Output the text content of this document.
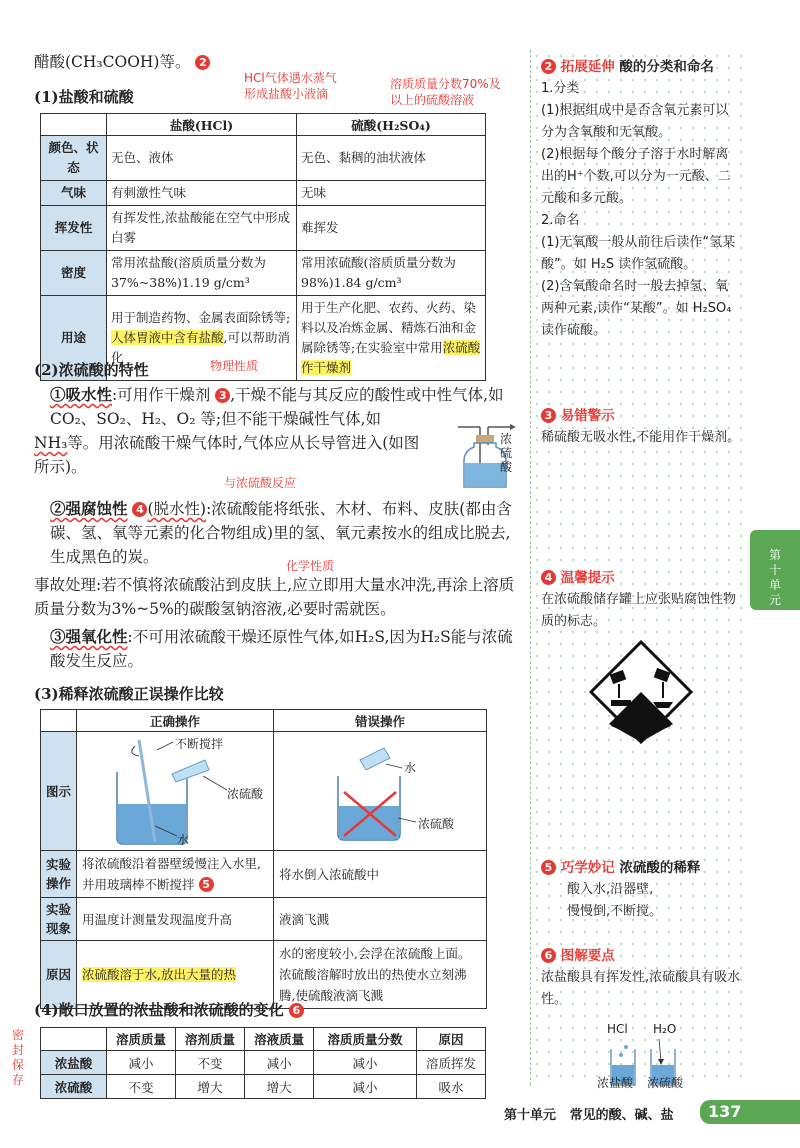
醋酸(CH₃COOH)等。 2
HCl气体遇水蒸气
形成盐酸小液滴
溶质质量分数70%及
以上的硫酸溶液
(1)盐酸和硫酸
	盐酸(HCl)	硫酸(H₂SO₄)
颜色、状态	无色、液体	无色、黏稠的油状液体
气味	有刺激性气味	无味
挥发性	有挥发性,浓盐酸能在空气中形成白雾	难挥发
密度	常用浓盐酸(溶质质量分数为37%~38%)1.19 g/cm³	常用浓硫酸(溶质质量分数为98%)1.84 g/cm³
用途	用于制造药物、金属表面除锈等;人体胃液中含有盐酸,可以帮助消化	用于生产化肥、农药、火药、染料以及冶炼金属、精炼石油和金属除锈等;在实验室中常用浓硫酸作干燥剂
(2)浓硫酸的特性	物理性质
①吸水性:可用作干燥剂 3 ,干燥不能与其反应的酸性或中性气体,如CO₂、SO₂、H₂、O₂ 等;但不能干燥碱性气体,如
NH₃等。用浓硫酸干燥气体时,气体应从长导管进入(如图所示)。
浓
硫
酸
与浓硫酸反应
②强腐蚀性 4 (脱水性):浓硫酸能将纸张、木材、布料、皮肤(都由含碳、氢、氧等元素的化合物组成)里的氢、氧元素按水的组成比脱去,生成黑色的炭。	化学性质
事故处理:若不慎将浓硫酸沾到皮肤上,应立即用大量水冲洗,再涂上溶质质量分数为3%~5%的碳酸氢钠溶液,必要时需就医。
③强氧化性:不可用浓硫酸干燥还原性气体,如H₂S,因为H₂S能与浓硫酸发生反应。
(3)稀释浓硫酸正误操作比较
	正确操作	错误操作
图示	不断搅拌
浓硫酸
水	水
浓硫酸

实验
操作	将浓硫酸沿着器壁缓慢注入水里,并用玻璃棒不断搅拌 5	将水倒入浓硫酸中
实验
现象	用温度计测量发现温度升高	液滴飞溅
原因	浓硫酸溶于水,放出大量的热	水的密度较小,会浮在浓硫酸上面。浓硫酸溶解时放出的热使水立刻沸腾,使硫酸液滴飞溅
(4)敞口放置的浓盐酸和浓硫酸的变化 6
密
封
保
存
	溶质质量	溶剂质量	溶液质量	溶质质量分数	原因
浓盐酸	减小	不变	减小	减小	溶质挥发
浓硫酸	不变	增大	增大	减小	吸水
2 拓展延伸 酸的分类和命名
1.分类
(1)根据组成中是否含氧元素可以分为含氧酸和无氧酸。
(2)根据每个酸分子溶于水时解离出的H⁺个数,可以分为一元酸、二元酸和多元酸。
2.命名
(1)无氧酸一般从前往后读作“氢某酸”。如 H₂S 读作氢硫酸。
(2)含氧酸命名时一般去掉氢、氧两种元素,读作“某酸”。如 H₂SO₄ 读作硫酸。
3 易错警示
稀硫酸无吸水性,不能用作干燥剂。
4 温馨提示
在浓硫酸储存罐上应张贴腐蚀性物质的标志。
5 巧学妙记 浓硫酸的稀释
酸入水,沿器壁,
慢慢倒,不断搅。
6 图解要点
浓盐酸具有挥发性,浓硫酸具有吸水性。
HCl H₂O
浓盐酸 浓硫酸
第
十
单
元
第十单元 常见的酸、碱、盐	137
